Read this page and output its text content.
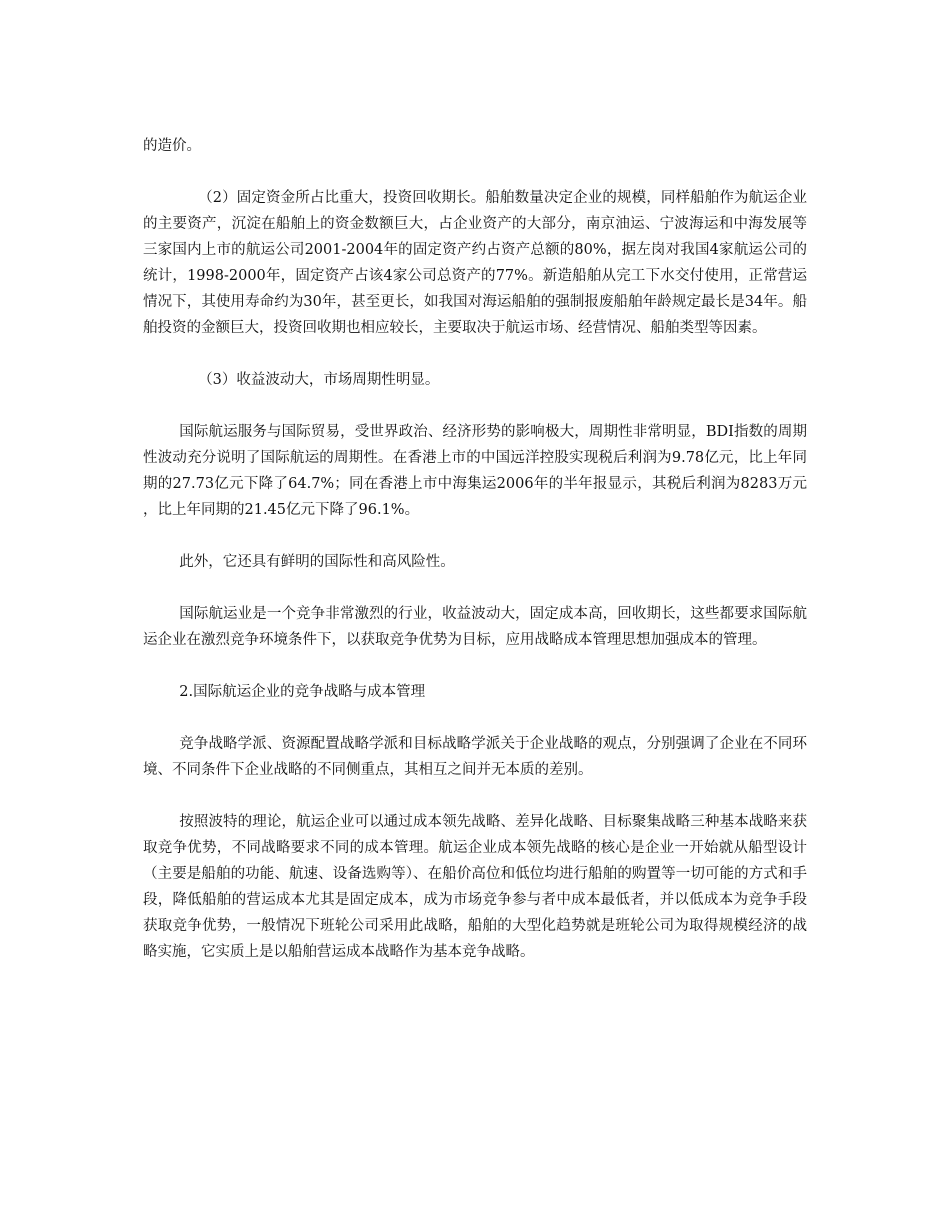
的造价。

（2）固定资金所占比重大，投资回收期长。船舶数量决定企业的规模，同样船舶作为航运企业的主要资产，沉淀在船舶上的资金数额巨大，占企业资产的大部分，南京油运、宁波海运和中海发展等三家国内上市的航运公司2001-2004年的固定资产约占资产总额的80%，据左岗对我国4家航运公司的统计，1998-2000年，固定资产占该4家公司总资产的77%。新造船舶从完工下水交付使用，正常营运情况下，其使用寿命约为30年，甚至更长，如我国对海运船舶的强制报废船舶年龄规定最长是34年。船舶投资的金额巨大，投资回收期也相应较长，主要取决于航运市场、经营情况、船舶类型等因素。

（3）收益波动大，市场周期性明显。

国际航运服务与国际贸易，受世界政治、经济形势的影响极大，周期性非常明显，BDI指数的周期性波动充分说明了国际航运的周期性。在香港上市的中国远洋控股实现税后利润为9.78亿元，比上年同期的27.73亿元下降了64.7%；同在香港上市中海集运2006年的半年报显示，其税后利润为8283万元，比上年同期的21.45亿元下降了96.1%。

此外，它还具有鲜明的国际性和高风险性。

国际航运业是一个竞争非常激烈的行业，收益波动大，固定成本高，回收期长，这些都要求国际航运企业在激烈竞争环境条件下，以获取竞争优势为目标，应用战略成本管理思想加强成本的管理。

2.国际航运企业的竞争战略与成本管理

竞争战略学派、资源配置战略学派和目标战略学派关于企业战略的观点，分别强调了企业在不同环境、不同条件下企业战略的不同侧重点，其相互之间并无本质的差别。

按照波特的理论，航运企业可以通过成本领先战略、差异化战略、目标聚集战略三种基本战略来获取竞争优势，不同战略要求不同的成本管理。航运企业成本领先战略的核心是企业一开始就从船型设计（主要是船舶的功能、航速、设备选购等）、在船价高位和低位均进行船舶的购置等一切可能的方式和手段，降低船舶的营运成本尤其是固定成本，成为市场竞争参与者中成本最低者，并以低成本为竞争手段获取竞争优势，一般情况下班轮公司采用此战略，船舶的大型化趋势就是班轮公司为取得规模经济的战略实施，它实质上是以船舶营运成本战略作为基本竞争战略。
